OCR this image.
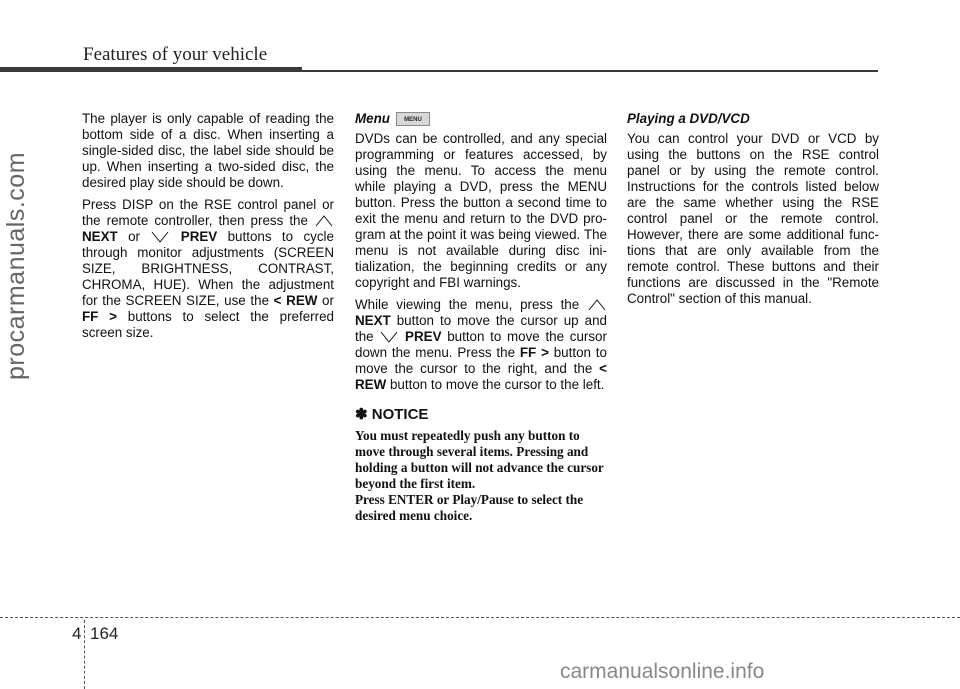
Features of your vehicle
procarmanuals.com

The player is only capable of reading the bottom side of a disc. When inserting a single-sided disc, the label side should be up. When inserting a two-sided disc, the desired play side should be down.

Press DISP on the RSE control panel or the remote controller, then press the  NEXT or	PREV buttons to cycle through monitor adjustments (SCREEN SIZE, BRIGHTNESS, CONTRAST, CHROMA, HUE). When the adjustment for the SCREEN SIZE, use the < REW or FF > buttons to select the preferred screen size.

Menu	MENU

DVDs can be controlled, and any special programming or features accessed, by using the menu. To access the menu while playing a DVD, press the MENU button. Press the button a second time to exit the menu and return to the DVD pro-gram at the point it was being viewed. The menu is not available during disc ini-tialization, the beginning credits or any copyright and FBI warnings.

While viewing the menu, press the  NEXT button to move the cursor up and the PREV button to move the cursor down the menu. Press the FF > button to move the cursor to the right, and the < REW button to move the cursor to the left.

✽ NOTICE

You must repeatedly push any button to move through several items. Pressing and holding a button will not advance the cursor beyond the first item.

Press ENTER or Play/Pause to select the desired menu choice.

Playing a DVD/VCD

You can control your DVD or VCD by using the buttons on the RSE control panel or by using the remote control. Instructions for the controls listed below are the same whether using the RSE control panel or the remote control. However, there are some additional func-tions that are only available from the remote control. These buttons and their functions are discussed in the "Remote Control" section of this manual.

4 164
carmanualsonline.info
